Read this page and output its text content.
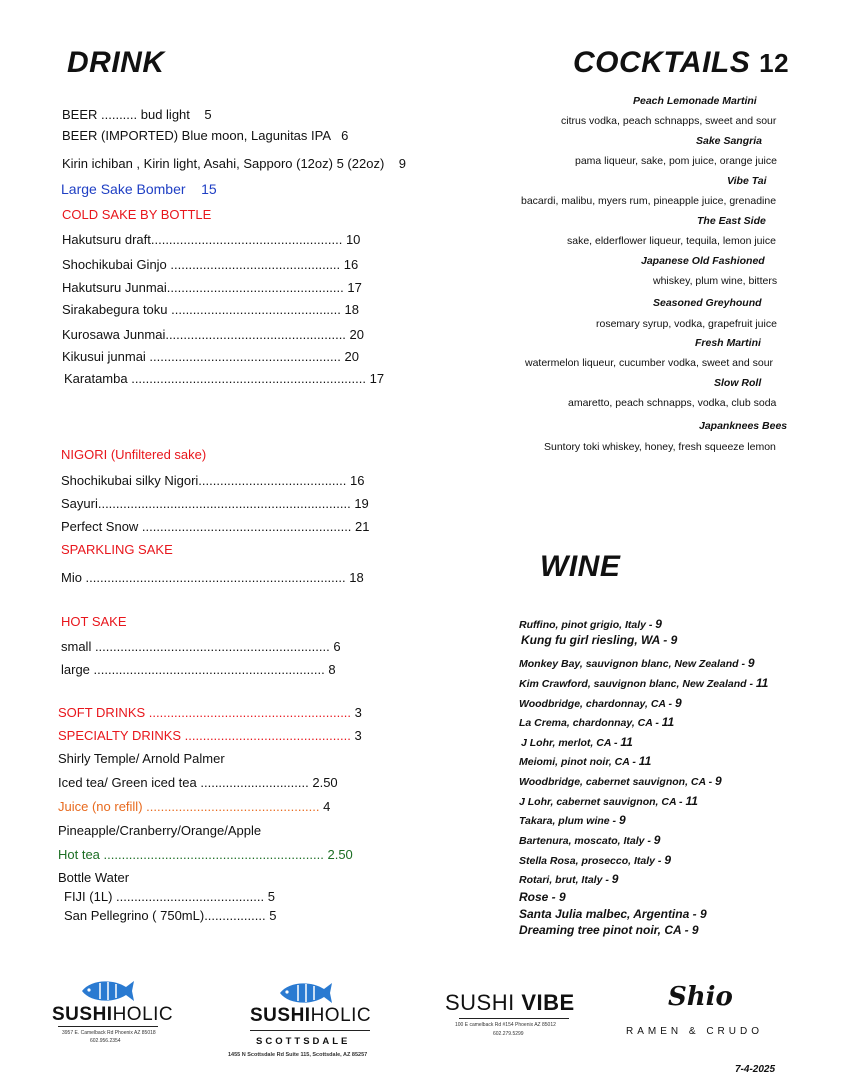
DRINK
BEER .......... bud light 5
BEER (IMPORTED) Blue moon, Lagunitas IPA 6
Kirin ichiban , Kirin light, Asahi, Sapporo (12oz) 5 (22oz) 9
Large Sake Bomber 15
COLD SAKE BY BOTTLE
Hakutsuru draft..................................................... 10
Shochikubai Ginjo ............................................... 16
Hakutsuru Junmai................................................. 17
Sirakabegura toku ............................................... 18
Kurosawa Junmai.................................................. 20
Kikusui junmai ..................................................... 20
Karatamba ................................................................. 17
NIGORI (Unfiltered sake)
Shochikubai silky Nigori......................................... 16
Sayuri...................................................................... 19
Perfect Snow .......................................................... 21
SPARKLING SAKE
Mio ........................................................................ 18
HOT SAKE
small ................................................................. 6
large ................................................................ 8
SOFT DRINKS ........................................................ 3
SPECIALTY DRINKS .............................................. 3
Shirly Temple/ Arnold Palmer
Iced tea/ Green iced tea .............................. 2.50
Juice (no refill) ................................................ 4
Pineapple/Cranberry/Orange/Apple
Hot tea ............................................................. 2.50
Bottle Water
FIJI (1L) ......................................... 5
San Pellegrino ( 750mL)................. 5
COCKTAILS 12
Peach Lemonade Martini
citrus vodka, peach schnapps, sweet and sour
Sake Sangria
pama liqueur, sake, pom juice, orange juice
Vibe Tai
bacardi, malibu, myers rum, pineapple juice, grenadine
The East Side
sake, elderflower liqueur, tequila, lemon juice
Japanese Old Fashioned
whiskey, plum wine, bitters
Seasoned Greyhound
rosemary syrup, vodka, grapefruit juice
Fresh Martini
watermelon liqueur, cucumber vodka, sweet and sour
Slow Roll
amaretto, peach schnapps, vodka, club soda
Japanknees Bees
Suntory toki whiskey, honey, fresh squeeze lemon
WINE
Ruffino, pinot grigio, Italy - 9
Kung fu girl riesling, WA - 9
Monkey Bay, sauvignon blanc, New Zealand - 9
Kim Crawford, sauvignon blanc, New Zealand - 11
Woodbridge, chardonnay, CA - 9
La Crema, chardonnay, CA - 11
J Lohr, merlot, CA - 11
Meiomi, pinot noir, CA - 11
Woodbridge, cabernet sauvignon, CA - 9
J Lohr, cabernet sauvignon, CA - 11
Takara, plum wine - 9
Bartenura, moscato, Italy - 9
Stella Rosa, prosecco, Italy - 9
Rotari, brut, Italy - 9
Rose - 9
Santa Julia malbec, Argentina - 9
Dreaming tree pinot noir, CA - 9
SUSHIHOLIC
3957 E. Camelback Rd Phoenix AZ 85018
602.956.2354
SUSHIHOLIC
SCOTTSDALE
1455 N Scottsdale Rd Suite 115, Scottsdale, AZ 85257
SUSHI VIBE
100 E camelback Rd #154 Phoenix AZ 85012
602.279.5299
Shio
RAMEN & CRUDO
7-4-2025
